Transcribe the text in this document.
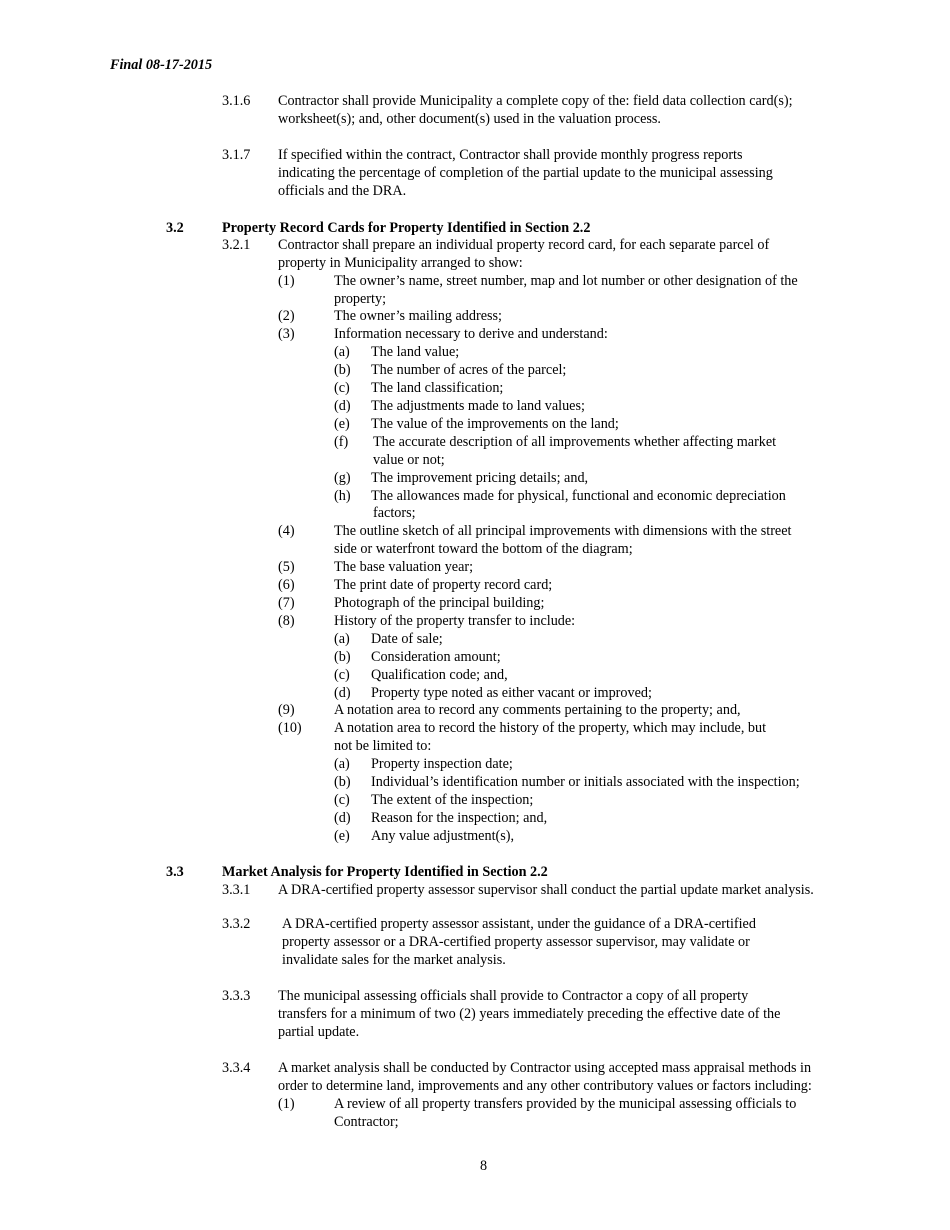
Final 08-17-2015
3.1.6 Contractor shall provide Municipality a complete copy of the: field data collection card(s);
worksheet(s); and, other document(s) used in the valuation process.
3.1.7 If specified within the contract, Contractor shall provide monthly progress reports
indicating the percentage of completion of the partial update to the municipal assessing
officials and the DRA.
3.2	Property Record Cards for Property Identified in Section 2.2
3.2.1 Contractor shall prepare an individual property record card, for each separate parcel of
property in Municipality arranged to show:
(1)	The owner’s name, street number, map and lot number or other designation of the
property;
(2)	The owner’s mailing address;
(3)	Information necessary to derive and understand:
(a) The land value;
(b) The number of acres of the parcel;
(c) The land classification;
(d) The adjustments made to land values;
(e) The value of the improvements on the land;
(f) The accurate description of all improvements whether affecting market
value or not;
(g) The improvement pricing details; and,
(h) The allowances made for physical, functional and economic depreciation
factors;
(4)	The outline sketch of all principal improvements with dimensions with the street
side or waterfront toward the bottom of the diagram;
(5)	The base valuation year;
(6)	The print date of property record card;
(7)	Photograph of the principal building;
(8)	History of the property transfer to include:
(a) Date of sale;
(b) Consideration amount;
(c) Qualification code; and,
(d) Property type noted as either vacant or improved;
(9)	A notation area to record any comments pertaining to the property; and,
(10) A notation area to record the history of the property, which may include, but
not be limited to:
(a) Property inspection date;
(b) Individual’s identification number or initials associated with the inspection;
(c) The extent of the inspection;
(d) Reason for the inspection; and,
(e) Any value adjustment(s),
3.3	Market Analysis for Property Identified in Section 2.2
3.3.1 A DRA-certified property assessor supervisor shall conduct the partial update market analysis.
3.3.2 A DRA-certified property assessor assistant, under the guidance of a DRA-certified
property assessor or a DRA-certified property assessor supervisor, may validate or
invalidate sales for the market analysis.
3.3.3 The municipal assessing officials shall provide to Contractor a copy of all property
transfers for a minimum of two (2) years immediately preceding the effective date of the
partial update.
3.3.4 A market analysis shall be conducted by Contractor using accepted mass appraisal methods in
order to determine land, improvements and any other contributory values or factors including:
(1)	A review of all property transfers provided by the municipal assessing officials to
Contractor;
8
